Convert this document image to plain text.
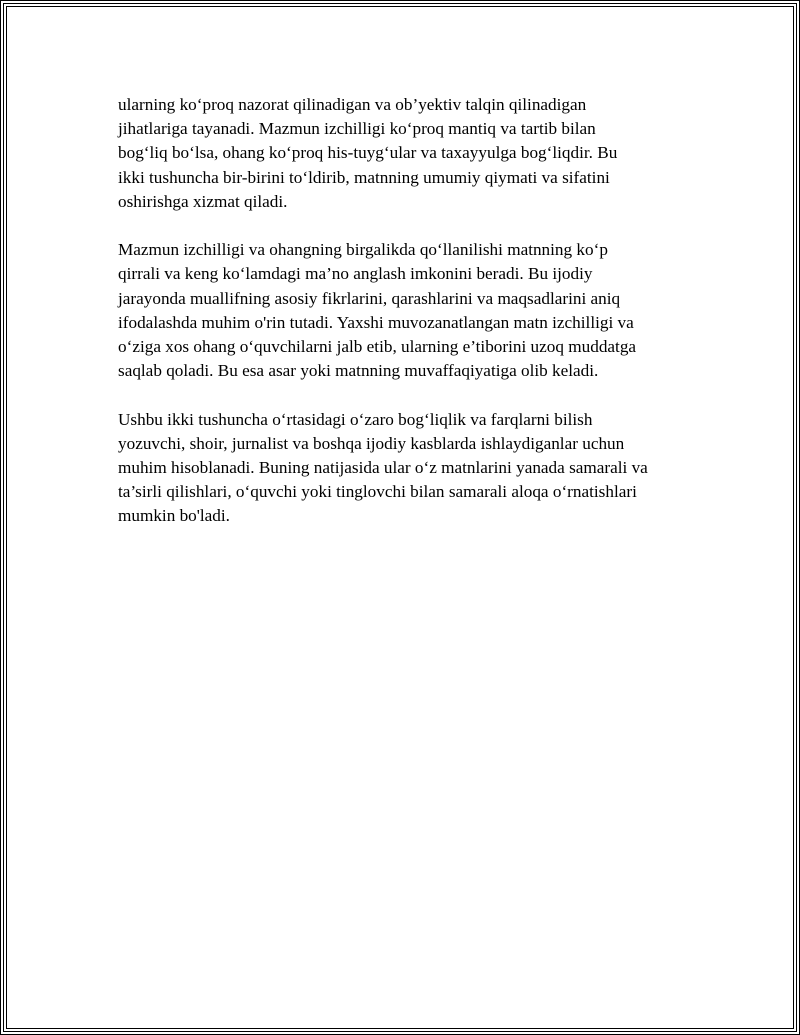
ularning ko‘proq nazorat qilinadigan va ob’yektiv talqin qilinadigan
jihatlariga tayanadi. Mazmun izchilligi ko‘proq mantiq va tartib bilan
bog‘liq bo‘lsa, ohang ko‘proq his-tuyg‘ular va taxayyulga bog‘liqdir. Bu
ikki tushuncha bir-birini to‘ldirib, matnning umumiy qiymati va sifatini
oshirishga xizmat qiladi.

Mazmun izchilligi va ohangning birgalikda qo‘llanilishi matnning ko‘p
qirrali va keng ko‘lamdagi ma’no anglash imkonini beradi. Bu ijodiy
jarayonda muallifning asosiy fikrlarini, qarashlarini va maqsadlarini aniq
ifodalashda muhim o'rin tutadi. Yaxshi muvozanatlangan matn izchilligi va
o‘ziga xos ohang o‘quvchilarni jalb etib, ularning e’tiborini uzoq muddatga
saqlab qoladi. Bu esa asar yoki matnning muvaffaqiyatiga olib keladi.

Ushbu ikki tushuncha o‘rtasidagi o‘zaro bog‘liqlik va farqlarni bilish
yozuvchi, shoir, jurnalist va boshqa ijodiy kasblarda ishlaydiganlar uchun
muhim hisoblanadi. Buning natijasida ular o‘z matnlarini yanada samarali va
ta’sirli qilishlari, o‘quvchi yoki tinglovchi bilan samarali aloqa o‘rnatishlari
mumkin bo'ladi.
